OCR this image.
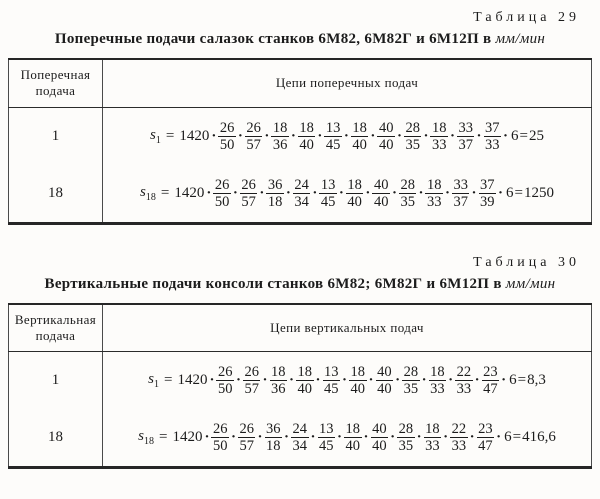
Таблица 29
Поперечные подачи салазок станков 6М82, 6М82Г и 6М12П в мм/мин
Поперечная
подача	Цепи поперечных подач
1	$s_1 = 1420 \cdot \frac{26}{50} \cdot \frac{26}{57} \cdot \frac{18}{36} \cdot \frac{18}{40} \cdot \frac{13}{45} \cdot \frac{18}{40} \cdot \frac{40}{40} \cdot \frac{28}{35} \cdot \frac{18}{33} \cdot \frac{33}{37} \cdot \frac{37}{33} \cdot 6 = 25$

18	$s_{18} = 1420 \cdot \frac{26}{50} \cdot \frac{26}{57} \cdot \frac{36}{18} \cdot \frac{24}{34} \cdot \frac{13}{45} \cdot \frac{18}{40} \cdot \frac{40}{40} \cdot \frac{28}{35} \cdot \frac{18}{33} \cdot \frac{33}{37} \cdot \frac{37}{39} \cdot 6 = 1250$
Таблица 30
Вертикальные подачи консоли станков 6М82; 6М82Г и 6М12П в мм/мин
Вертикальная
подача	Цепи вертикальных подач
1	$s_1 = 1420 \cdot \frac{26}{50} \cdot \frac{26}{57} \cdot \frac{18}{36} \cdot \frac{18}{40} \cdot \frac{13}{45} \cdot \frac{18}{40} \cdot \frac{40}{40} \cdot \frac{28}{35} \cdot \frac{18}{33} \cdot \frac{22}{33} \cdot \frac{23}{47} \cdot 6 = 8,3$

18	$s_{18} = 1420 \cdot \frac{26}{50} \cdot \frac{26}{57} \cdot \frac{36}{18} \cdot \frac{24}{34} \cdot \frac{13}{45} \cdot \frac{18}{40} \cdot \frac{40}{40} \cdot \frac{28}{35} \cdot \frac{18}{33} \cdot \frac{22}{33} \cdot \frac{23}{47} \cdot 6 = 416,6$
